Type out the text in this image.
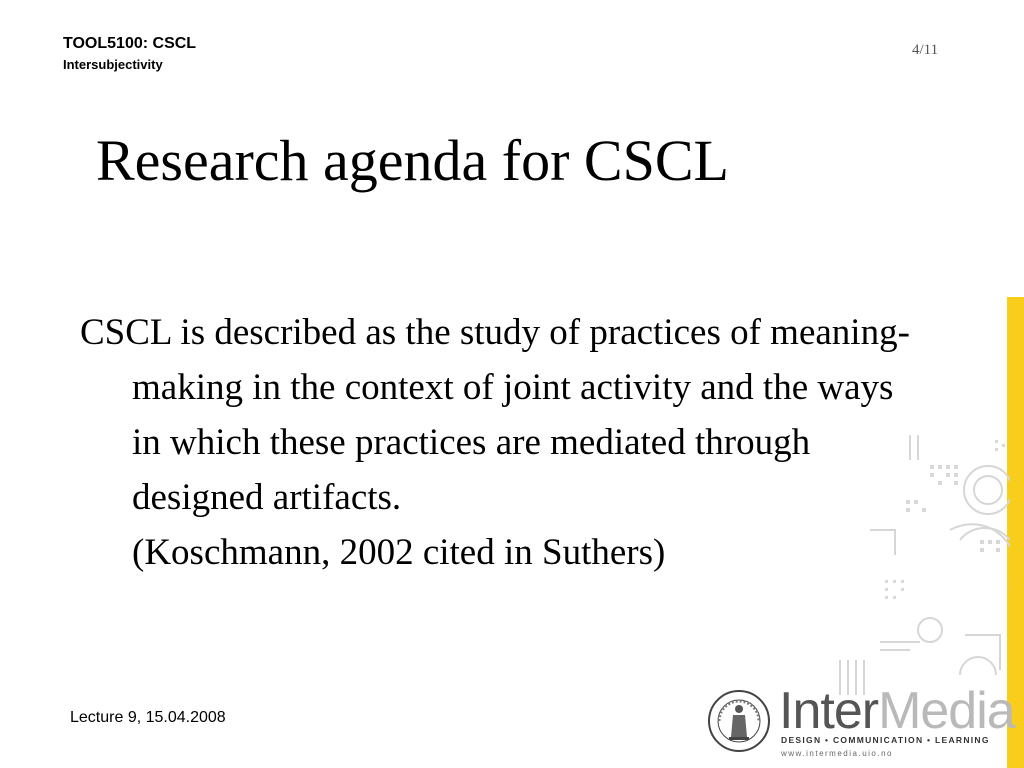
TOOL5100: CSCL
Intersubjectivity
4/11
Research agenda for CSCL

CSCL is described as the study of practices of meaning-making in the context of joint activity and the ways in which these practices are mediated through designed artifacts.

(Koschmann, 2002 cited in Suthers)

Lecture 9, 15.04.2008	InterMedia
DESIGN • COMMUNICATION • LEARNING
www.intermedia.uio.no
